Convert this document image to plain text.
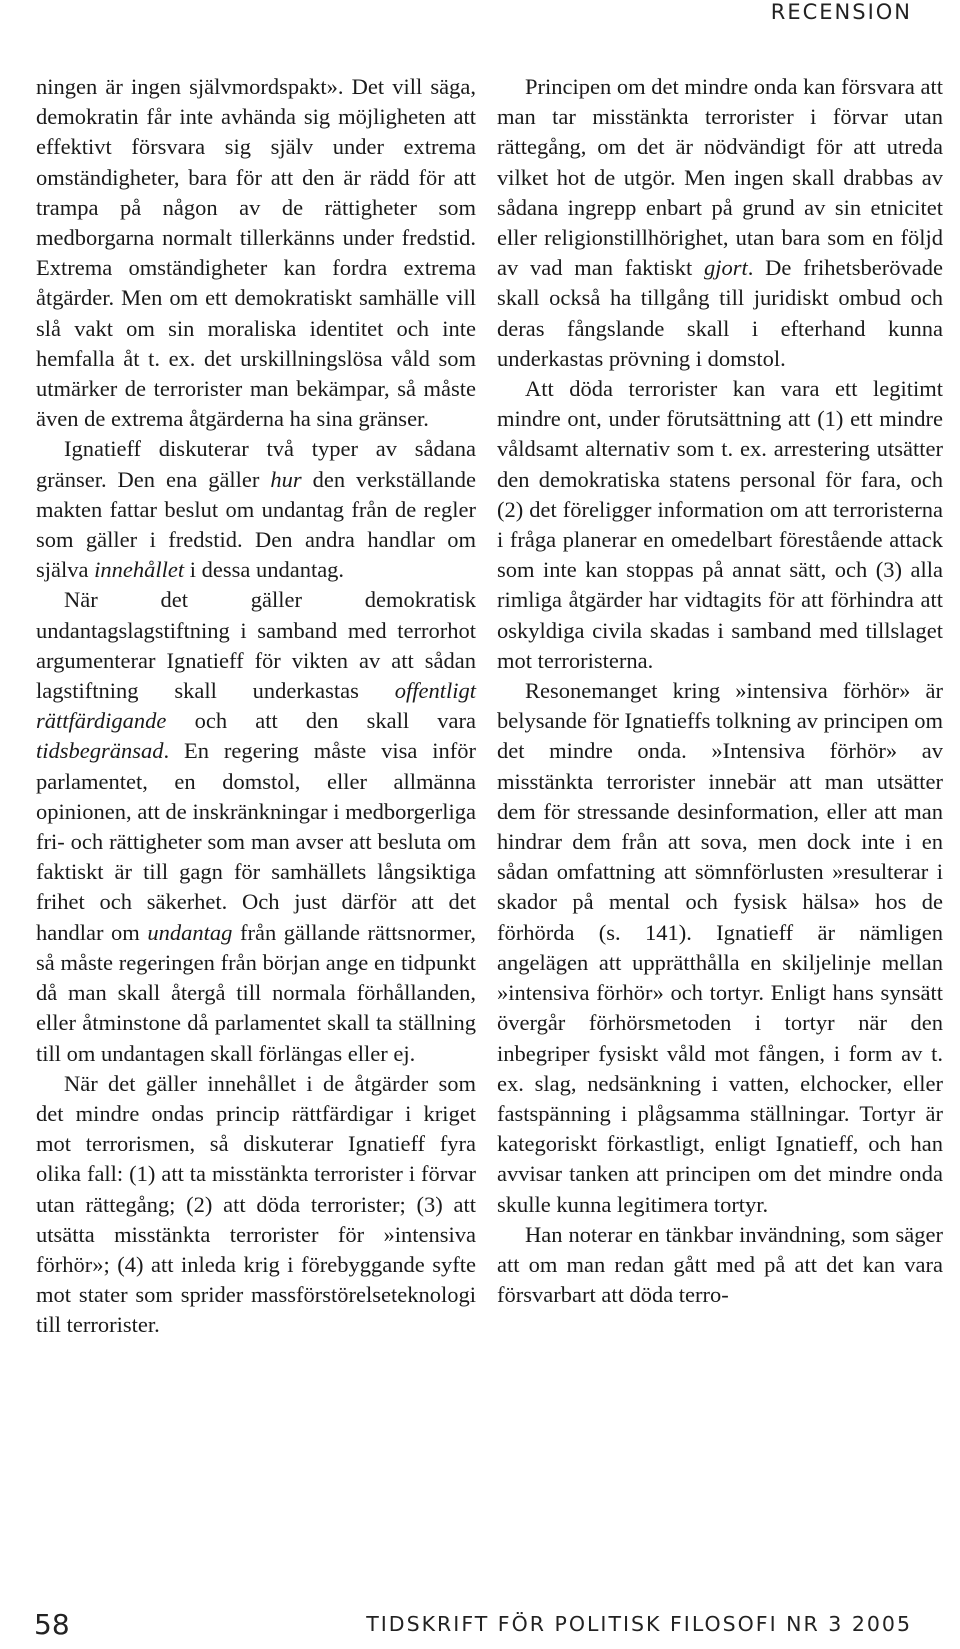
RECENSION

ningen är ingen självmordspakt». Det vill säga, demokratin får inte avhända sig möjligheten att effektivt försvara sig själv under extrema omständigheter, bara för att den är rädd för att trampa på någon av de rättigheter som medborgarna normalt tillerkänns under fredstid. Extrema omständigheter kan fordra extrema åtgärder. Men om ett demokratiskt samhälle vill slå vakt om sin moraliska identitet och inte hemfalla åt t. ex. det urskillningslösa våld som utmärker de terrorister man bekämpar, så måste även de extrema åtgärderna ha sina gränser.

Ignatieff diskuterar två typer av sådana gränser. Den ena gäller hur den verkställande makten fattar beslut om undantag från de regler som gäller i fredstid. Den andra handlar om själva innehållet i dessa undantag.

När det gäller demokratisk undantagslagstiftning i samband med terrorhot argumenterar Ignatieff för vikten av att sådan lagstiftning skall underkastas offentligt rättfärdigande och att den skall vara tidsbegränsad. En regering måste visa inför parlamentet, en domstol, eller allmänna opinionen, att de inskränkningar i medborgerliga fri- och rättigheter som man avser att besluta om faktiskt är till gagn för samhällets långsiktiga frihet och säkerhet. Och just därför att det handlar om undantag från gällande rättsnormer, så måste regeringen från början ange en tidpunkt då man skall återgå till normala förhållanden, eller åtminstone då parlamentet skall ta ställning till om undantagen skall förlängas eller ej.

När det gäller innehållet i de åtgärder som det mindre ondas princip rättfärdigar i kriget mot terrorismen, så diskuterar Ignatieff fyra olika fall: (1) att ta misstänkta terrorister i förvar utan rättegång; (2) att döda terrorister; (3) att utsätta misstänkta terrorister för »intensiva förhör»; (4) att inleda krig i förebyggande syfte mot stater som sprider massförstörelseteknologi till terrorister.

Principen om det mindre onda kan försvara att man tar misstänkta terrorister i förvar utan rättegång, om det är nödvändigt för att utreda vilket hot de utgör. Men ingen skall drabbas av sådana ingrepp enbart på grund av sin etnicitet eller religionstillhörighet, utan bara som en följd av vad man faktiskt gjort. De frihetsberövade skall också ha tillgång till juridiskt ombud och deras fångslande skall i efterhand kunna underkastas prövning i domstol.

Att döda terrorister kan vara ett legitimt mindre ont, under förutsättning att (1) ett mindre våldsamt alternativ som t. ex. arrestering utsätter den demokratiska statens personal för fara, och (2) det föreligger information om att terroristerna i fråga planerar en omedelbart förestående attack som inte kan stoppas på annat sätt, och (3) alla rimliga åtgärder har vidtagits för att förhindra att oskyldiga civila skadas i samband med tillslaget mot terroristerna.

Resonemanget kring »intensiva förhör» är belysande för Ignatieffs tolkning av principen om det mindre onda. »Intensiva förhör» av misstänkta terrorister innebär att man utsätter dem för stressande desinformation, eller att man hindrar dem från att sova, men dock inte i en sådan omfattning att sömnförlusten »resulterar i skador på mental och fysisk hälsa» hos de förhörda (s. 141). Ignatieff är nämligen angelägen att upprätthålla en skiljelinje mellan »intensiva förhör» och tortyr. Enligt hans synsätt övergår förhörsmetoden i tortyr när den inbegriper fysiskt våld mot fången, i form av t. ex. slag, nedsänkning i vatten, elchocker, eller fastspänning i plågsamma ställningar. Tortyr är kategoriskt förkastligt, enligt Ignatieff, och han avvisar tanken att principen om det mindre onda skulle kunna legitimera tortyr.

Han noterar en tänkbar invändning, som säger att om man redan gått med på att det kan vara försvarbart att döda terro-

58	TIDSKRIFT FÖR POLITISK FILOSOFI NR 3 2005
